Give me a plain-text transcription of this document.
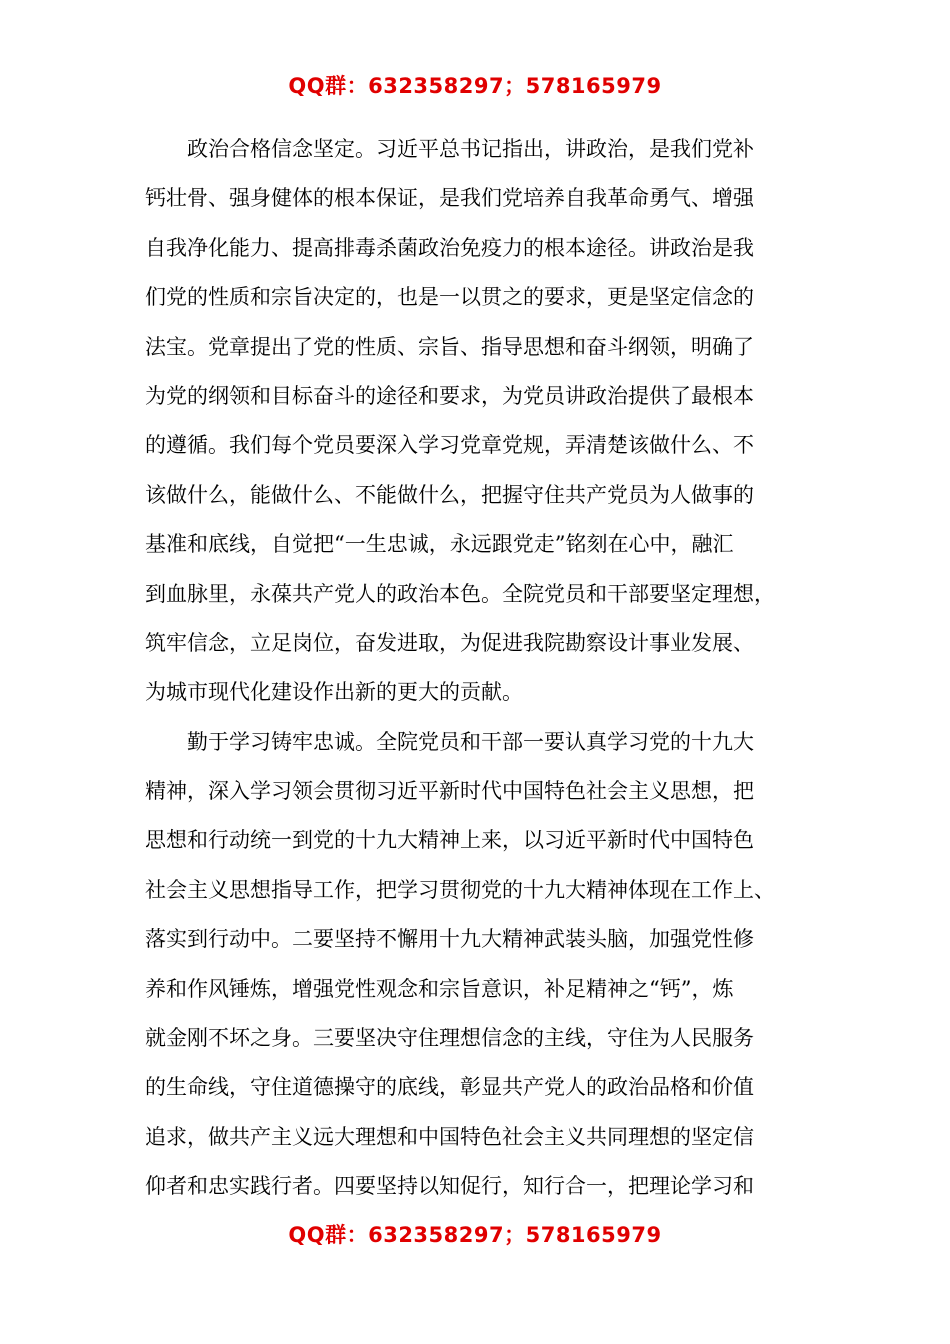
QQ群：632358297；578165979
　　政治合格信念坚定。习近平总书记指出，讲政治，是我们党补
钙壮骨、强身健体的根本保证，是我们党培养自我革命勇气、增强
自我净化能力、提高排毒杀菌政治免疫力的根本途径。讲政治是我
们党的性质和宗旨决定的，也是一以贯之的要求，更是坚定信念的
法宝。党章提出了党的性质、宗旨、指导思想和奋斗纲领，明确了
为党的纲领和目标奋斗的途径和要求，为党员讲政治提供了最根本
的遵循。我们每个党员要深入学习党章党规，弄清楚该做什么、不
该做什么，能做什么、不能做什么，把握守住共产党员为人做事的
基准和底线，自觉把“一生忠诚，永远跟党走”铭刻在心中，融汇
到血脉里，永葆共产党人的政治本色。全院党员和干部要坚定理想，
筑牢信念，立足岗位，奋发进取，为促进我院勘察设计事业发展、
为城市现代化建设作出新的更大的贡献。
　　勤于学习铸牢忠诚。全院党员和干部一要认真学习党的十九大
精神，深入学习领会贯彻习近平新时代中国特色社会主义思想，把
思想和行动统一到党的十九大精神上来，以习近平新时代中国特色
社会主义思想指导工作，把学习贯彻党的十九大精神体现在工作上、
落实到行动中。二要坚持不懈用十九大精神武装头脑，加强党性修
养和作风锤炼，增强党性观念和宗旨意识，补足精神之“钙”，炼
就金刚不坏之身。三要坚决守住理想信念的主线，守住为人民服务
的生命线，守住道德操守的底线，彰显共产党人的政治品格和价值
追求，做共产主义远大理想和中国特色社会主义共同理想的坚定信
仰者和忠实践行者。四要坚持以知促行，知行合一，把理论学习和
QQ群：632358297；578165979
